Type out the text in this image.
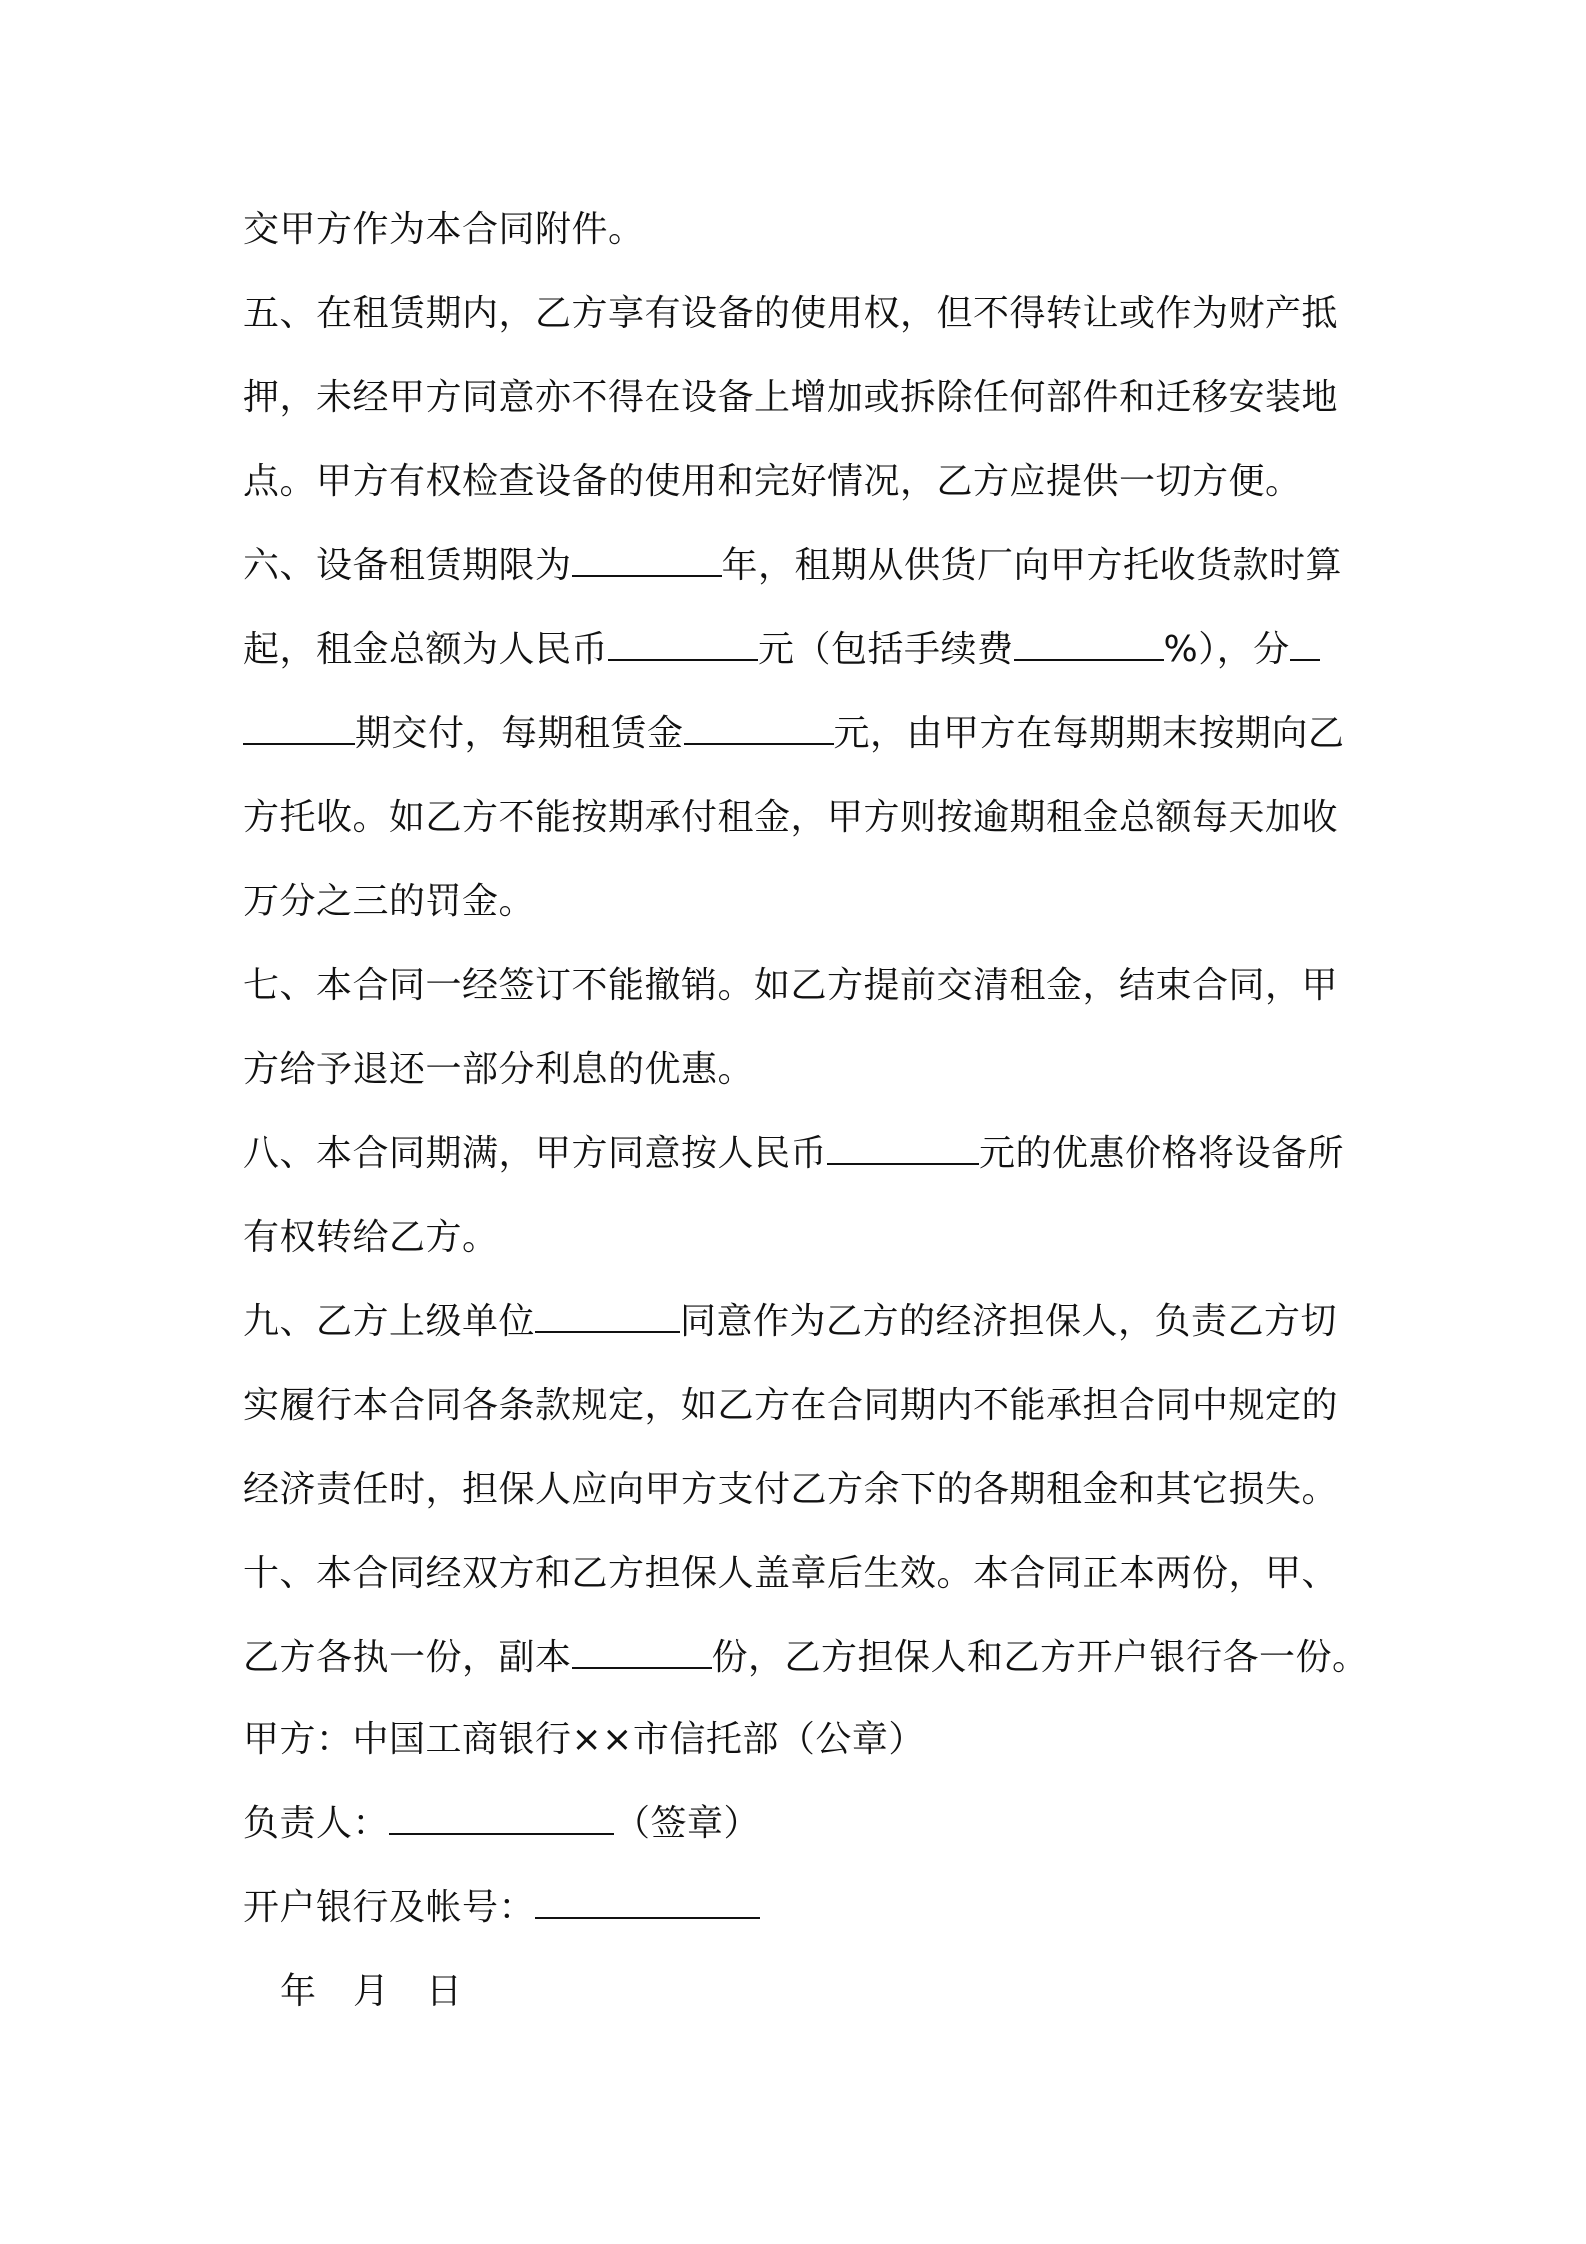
交甲方作为本合同附件。
五、在租赁期内，乙方享有设备的使用权，但不得转让或作为财产抵
押，未经甲方同意亦不得在设备上增加或拆除任何部件和迁移安装地
点。甲方有权检查设备的使用和完好情况，乙方应提供一切方便。
六、设备租赁期限为	年，租期从供货厂向甲方托收货款时算
起，租金总额为人民币	元（包括手续费	%），分
期交付，每期租赁金	元，由甲方在每期期末按期向乙
方托收。如乙方不能按期承付租金，甲方则按逾期租金总额每天加收
万分之三的罚金。
七、本合同一经签订不能撤销。如乙方提前交清租金，结束合同，甲
方给予退还一部分利息的优惠。
八、本合同期满，甲方同意按人民币	元的优惠价格将设备所
有权转给乙方。
九、乙方上级单位	同意作为乙方的经济担保人，负责乙方切
实履行本合同各条款规定，如乙方在合同期内不能承担合同中规定的
经济责任时，担保人应向甲方支付乙方余下的各期租金和其它损失。
十、本合同经双方和乙方担保人盖章后生效。本合同正本两份，甲、
乙方各执一份，副本	份，乙方担保人和乙方开户银行各一份。
甲方：中国工商银行××市信托部（公章）
负责人：	（签章）
开户银行及帐号：
年　月　日
